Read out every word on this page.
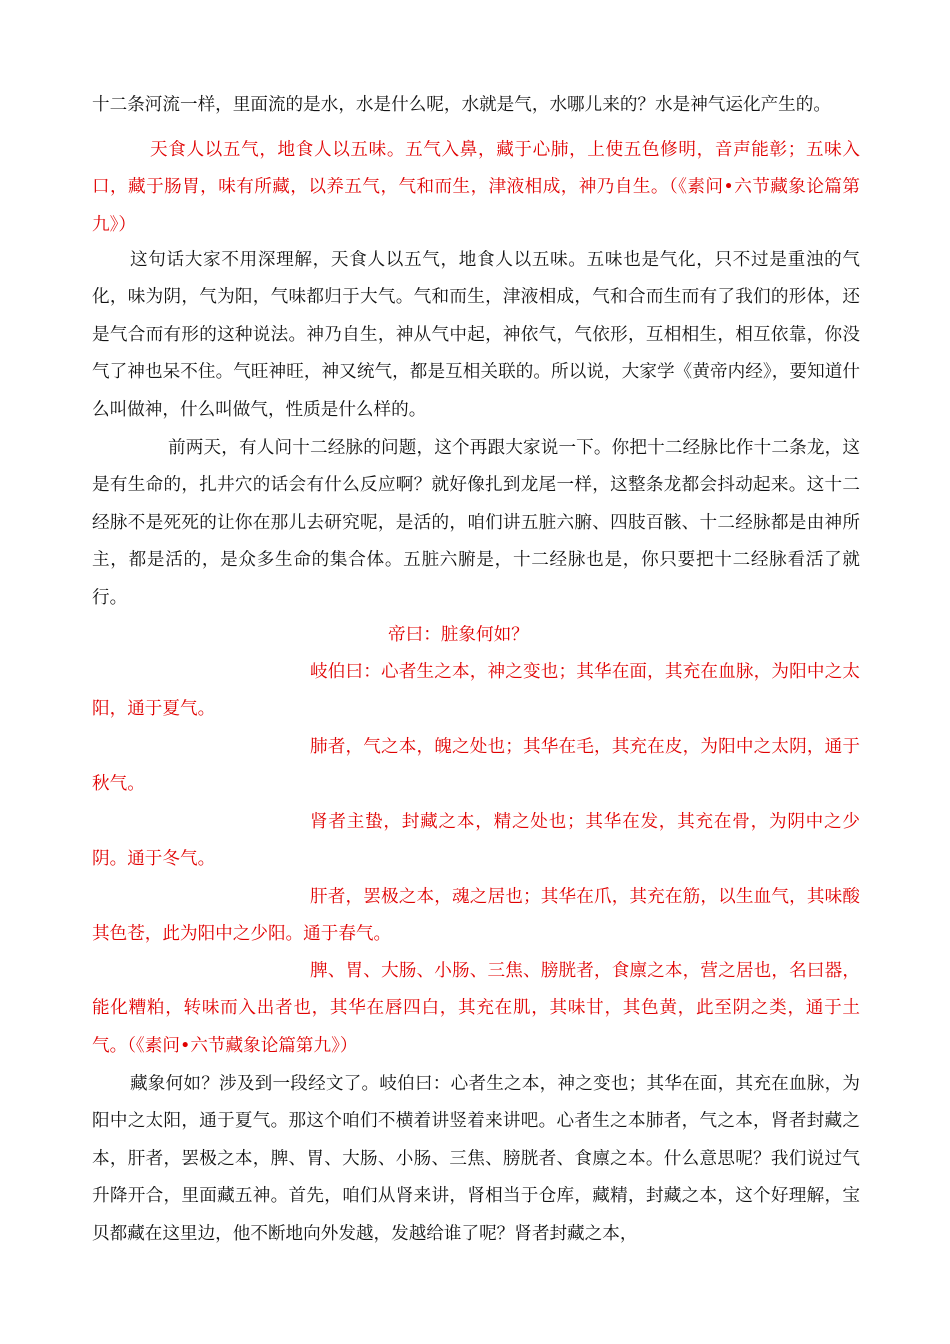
十二条河流一样，里面流的是水，水是什么呢，水就是气，水哪儿来的？水是神气运化产生的。

天食人以五气，地食人以五味。五气入鼻，藏于心肺，上使五色修明，音声能彰；五味入口，藏于肠胃，味有所藏，以养五气，气和而生，津液相成，神乃自生。（《素问•六节藏象论篇第九》）

这句话大家不用深理解，天食人以五气，地食人以五味。五味也是气化，只不过是重浊的气化，味为阴，气为阳，气味都归于大气。气和而生，津液相成，气和合而生而有了我们的形体，还是气合而有形的这种说法。神乃自生，神从气中起，神依气，气依形，互相相生，相互依靠，你没气了神也呆不住。气旺神旺，神又统气，都是互相关联的。所以说，大家学《黄帝内经》，要知道什么叫做神，什么叫做气，性质是什么样的。

前两天，有人问十二经脉的问题，这个再跟大家说一下。你把十二经脉比作十二条龙，这是有生命的，扎井穴的话会有什么反应啊？就好像扎到龙尾一样，这整条龙都会抖动起来。这十二经脉不是死死的让你在那儿去研究呢，是活的，咱们讲五脏六腑、四肢百骸、十二经脉都是由神所主，都是活的，是众多生命的集合体。五脏六腑是，十二经脉也是，你只要把十二经脉看活了就行。

帝曰：脏象何如？

岐伯曰：心者生之本，神之变也；其华在面，其充在血脉，为阳中之太阳，通于夏气。

肺者，气之本，魄之处也；其华在毛，其充在皮，为阳中之太阴，通于秋气。

肾者主蛰，封藏之本，精之处也；其华在发，其充在骨，为阴中之少阴。通于冬气。

肝者，罢极之本，魂之居也；其华在爪，其充在筋，以生血气，其味酸其色苍，此为阳中之少阳。通于春气。

脾、胃、大肠、小肠、三焦、膀胱者，食廪之本，营之居也，名曰器，能化糟粕，转味而入出者也，其华在唇四白，其充在肌，其味甘，其色黄，此至阴之类，通于土气。（《素问•六节藏象论篇第九》）

藏象何如？涉及到一段经文了。岐伯曰：心者生之本，神之变也；其华在面，其充在血脉，为阳中之太阳，通于夏气。那这个咱们不横着讲竖着来讲吧。心者生之本肺者，气之本，肾者封藏之本，肝者，罢极之本，脾、胃、大肠、小肠、三焦、膀胱者、食廪之本。什么意思呢？我们说过气升降开合，里面藏五神。首先，咱们从肾来讲，肾相当于仓库，藏精，封藏之本，这个好理解，宝贝都藏在这里边，他不断地向外发越，发越给谁了呢？肾者封藏之本，
